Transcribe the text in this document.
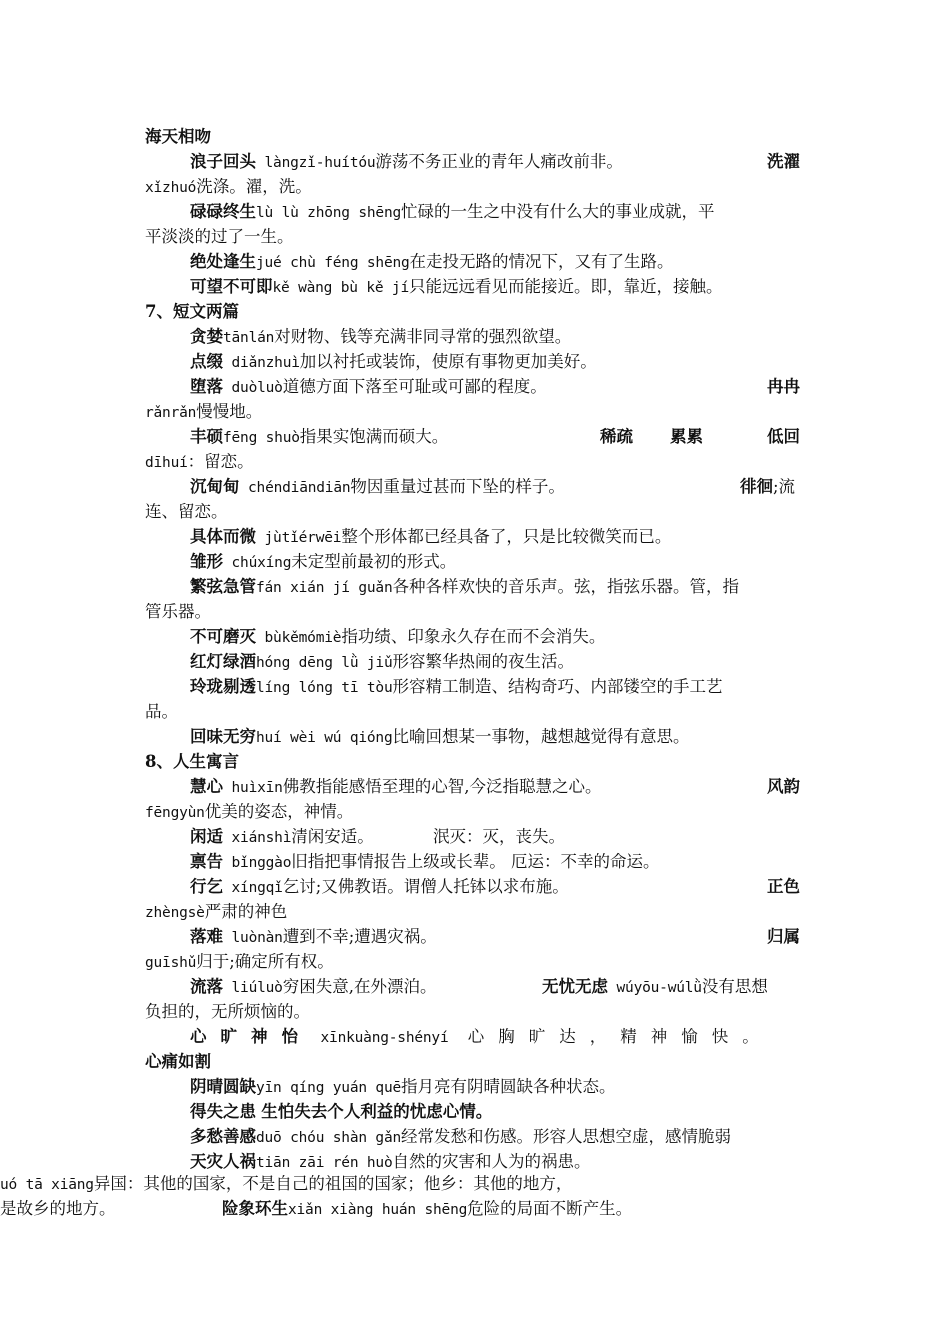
海天相吻
浪子回头 làngzǐ-huítóu游荡不务正业的青年人痛改前非。	洗濯
xǐzhuó洗涤。濯，洗。
碌碌终生lù lù zhōng shēng忙碌的一生之中没有什么大的事业成就，平
平淡淡的过了一生。
绝处逢生jué chù féng shēng在走投无路的情况下，又有了生路。
可望不可即kě wàng bù kě jí只能远远看见而能接近。即，靠近，接触。
7、短文两篇
贪婪tānlán对财物、钱等充满非同寻常的强烈欲望。
点缀 diǎnzhuì加以衬托或装饰，使原有事物更加美好。
堕落 duòluò道德方面下落至可耻或可鄙的程度。	冉冉
rǎnrǎn慢慢地。
丰硕fēng shuò指果实饱满而硕大。	稀疏 累累	低回
dīhuí：留恋。
沉甸甸 chéndiāndiān物因重量过甚而下坠的样子。	徘徊;流
连、留恋。
具体而微 jùtǐérwēi整个形体都已经具备了，只是比较微笑而已。
雏形 chúxíng未定型前最初的形式。
繁弦急管fán xián jí guǎn各种各样欢快的音乐声。弦，指弦乐器。管，指
管乐器。
不可磨灭 bùkěmómiè指功绩、印象永久存在而不会消失。
红灯绿酒hóng dēng lǜ jiǔ形容繁华热闹的夜生活。
玲珑剔透líng lóng tī tòu形容精工制造、结构奇巧、内部镂空的手工艺
品。
回味无穷huí wèi wú qióng比喻回想某一事物，越想越觉得有意思。
8、人生寓言
慧心 huìxīn佛教指能感悟至理的心智,今泛指聪慧之心。	风韵
fēngyùn优美的姿态，神情。
闲适 xiánshì清闲安适。	泯灭：灭，丧失。
禀告 bǐnggào旧指把事情报告上级或长辈。 厄运：不幸的命运。
行乞 xíngqǐ乞讨;又佛教语。谓僧人托钵以求布施。	正色
zhèngsè严肃的神色
落难 luònàn遭到不幸;遭遇灾祸。	归属
guīshǔ归于;确定所有权。
流落 liúluò穷困失意,在外漂泊。	无忧无虑 wúyōu-wúlǜ没有思想
负担的，无所烦恼的。
心旷神怡 xīnkuàng-shényí 心胸旷达，精神愉快。
心痛如割
阴晴圆缺yīn qíng yuán quē指月亮有阴晴圆缺各种状态。
得失之患 生怕失去个人利益的忧虑心情。
多愁善感duō chóu shàn gǎn经常发愁和伤感。形容人思想空虚，感情脆弱
天灾人祸tiān zāi rén huò自然的灾害和人为的祸患。
uó tā xiāng异国：其他的国家，不是自己的祖国的国家；他乡：其他的地方，
是故乡的地方。	险象环生xiǎn xiàng huán shēng危险的局面不断产生。
